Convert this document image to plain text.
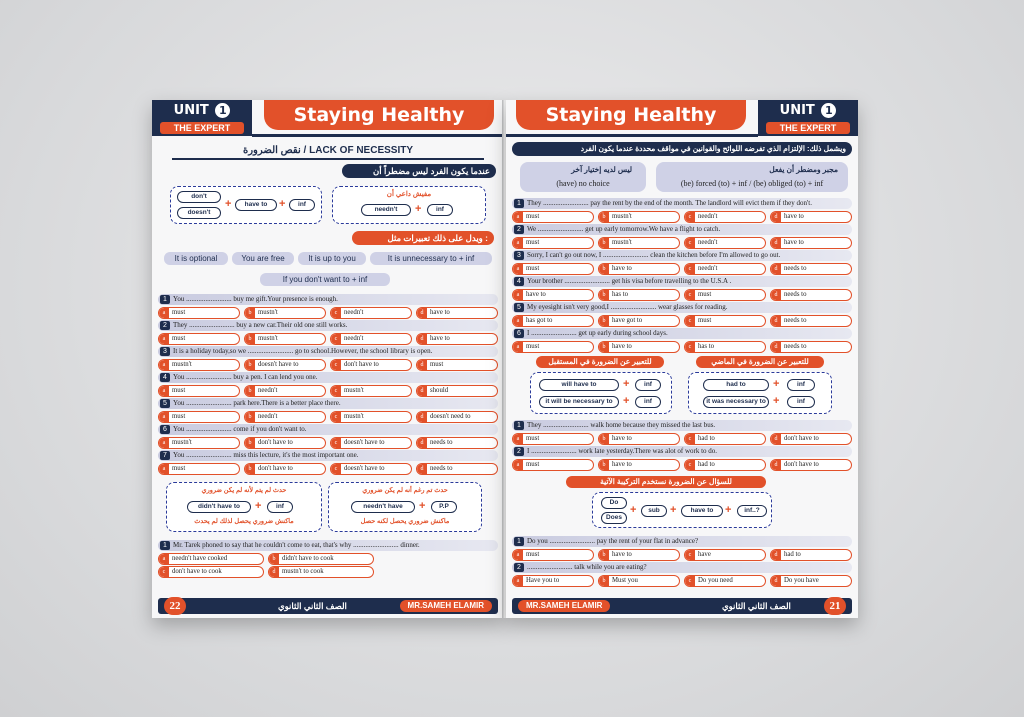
UNIT 1
THE EXPERT
Staying Healthy
نقص الضرورة / LACK OF NECESSITY
عندما يكون الفرد ليس مضطراً أن
don't
doesn't
+	have to	+	inf
مفيش داعي أن
needn't	+	inf
ويدل على ذلك تعبيرات مثل :
It is optional	You are free	It is up to you	It is unnecessary to + inf
If you don't want to + inf
1 You .......................... buy me gift.Your presence is enough.
a must	b mustn't	c needn't	d have to
2 They .......................... buy a new car.Their old one still works.
a must	b mustn't	c needn't	d have to
3 It is a holiday today,so we .......................... go to school.However, the school library is open.
a mustn't	b doesn't have to	c don't have to	d must
4 You .......................... buy a pen. I can lend you one.
a must	b needn't	c mustn't	d should
5 You .......................... park here.There is a better place there.
a must	b needn't	c mustn't	d doesn't need to
6 You .......................... come if you don't want to.
a mustn't	b don't have to	c doesn't have to	d needs to
7 You .......................... miss this lecture, it's the most important one.
a must	b don't have to	c doesn't have to	d needs to
حدث لم يتم لأنه لم يكن ضروري
didn't have to	+	inf
ماكنش ضروري يحصل لذلك لم يحدث
حدث تم رغم أنه لم يكن ضروري
needn't have	+	P.P
ماكنش ضروري يحصل لكنه حصل
1 Mr. Tarek phoned to say that he couldn't come to eat, that's why .......................... dinner.
a needn't have cooked	b didn't have to cook
c don't have to cook	d mustn't to cook
22	الصف الثاني الثانوي	MR.SAMEH ELAMIR
UNIT 1
THE EXPERT
Staying Healthy
ويشمل ذلك: الإلتزام الذي تفرضه اللوائح والقوانين في مواقف محددة عندما يكون الفرد
مجبر ومضطر أن يفعل
(be) forced (to) + inf / (be) obliged (to) + inf
ليس لديه إختيار آخر
(have) no choice
1 They .......................... pay the rent by the end of the month. The landlord will evict them if they don't.
a must	b mustn't	c needn't	d have to
2 We .......................... get up early tomorrow.We have a flight to catch.
a must	b mustn't	c needn't	d have to
3 Sorry, I can't go out now, I .......................... clean the kitchen before I'm allowed to go out.
a must	b have to	c needn't	d needs to
4 Your brother .......................... get his visa before travelling to the U.S.A .
a have to	b has to	c must	d needs to
5 My eyesight isn't very good,I .......................... wear glasses for reading.
a has got to	b have got to	c must	d needs to
6 I .......................... get up early during school days.
a must	b have to	c has to	d needs to
للتعبير عن الضرورة في المستقبل	للتعبير عن الضرورة في الماضي
will have to	+	inf
it will be necessary to +	inf
had to	+	inf
it was necessary to +	inf
1 They .......................... walk home because they missed the last bus.
a must	b have to	c had to	d don't have to
2 I .......................... work late yesterday.There was alot of work to do.
a must	b have to	c had to	d don't have to
للسؤال عن الضرورة نستخدم التركيبة الآتية
Do
Does
+	sub +	have to	+	inf..?
1 Do you .......................... pay the rent of your flat in advance?
a must	b have to	c have	d had to
2 .......................... talk while you are eating?
a Have you to	b Must you	c Do you need	d Do you have
MR.SAMEH ELAMIR	الصف الثاني الثانوي	21
